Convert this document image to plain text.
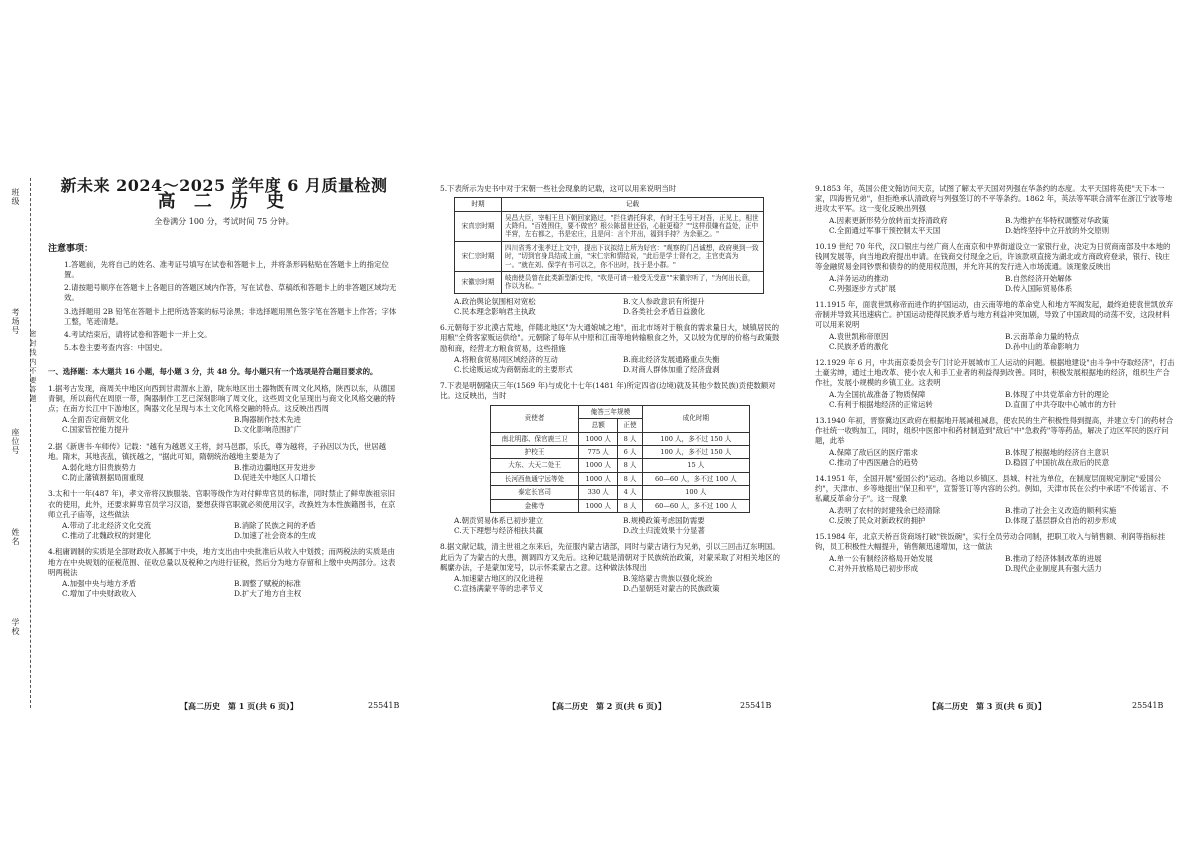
班级
考场号
座位号
姓名
学校
密 封 线 内 不 要 答 题
新未来 2024～2025 学年度 6 月质量检测
高 二 历 史
全卷满分 100 分，考试时间 75 分钟。
注意事项：
1.答题前，先将自己的姓名、准考证号填写在试卷和答题卡上，并将条形码粘贴在答题卡上的指定位置。
2.请按题号顺序在答题卡上各题目的答题区域内作答，写在试卷、草稿纸和答题卡上的非答题区域均无效。
3.选择题用 2B 铅笔在答题卡上把所选答案的标号涂黑；非选择题用黑色签字笔在答题卡上作答；字体工整，笔迹清楚。
4.考试结束后，请将试卷和答题卡一并上交。
5.本卷主要考查内容：中国史。
一、选择题：本大题共 16 小题，每小题 3 分，共 48 分。每小题只有一个选项是符合题目要求的。
1.据考古发现，商周关中地区向西到甘肃渭水上游，陇东地区出土器物既有周文化风格，陕西以东，从德国青铜，所以商代在周原一带，陶器制作工艺已深刻影响了周文化，这些周文化呈现出与商文化风格交融的特点；在南方长江中下游地区，陶器文化呈现与本土文化风格交融的特点。这反映出西周
A.全面否定商朝文化	B.陶器制作技术先进
C.国家管控能力提升	D.文化影响范围扩广
2.据《新唐书·车师传》记载："越有为越恩义王将，封马邑郡，乐氏，尊为越将，子孙因以为氏，世居越地。隋末，其地丧乱，镇抚越之，"据此可知，隋朝统治越地主要是为了
A.弱化地方旧贵族势力	B.推动边疆地区开发进步
C.防止藩镇割据局面重现	D.促进关中地区人口增长
3.太和十一年(487 年)，孝文帝将汉族服装、官职等级作为对付鲜卑官员的标准，同时禁止了鲜卑族祖宗旧衣的使用，此外，还要求鲜卑官员学习汉语，要想获得官职就必须使用汉字，改换姓为本性族籍图书，在京师立孔子庙等，这些做法
A.带动了北北经济文化交流	B.消除了民族之间的矛盾
C.推动了北魏政权的封建化	D.加速了社会资本的生成
4.租庸调制的实质是全部财政收入都属于中央，地方支出由中央批准后从收入中划拨；而两税法的实质是由地方在中央规划的征税范围、征收总量以及税种之内进行征税，然后分为地方存留和上缴中央两部分。这表明两税法
A.加强中央与地方矛盾	B.调整了赋税的标准
C.增加了中央财政收入	D.扩大了地方自主权
5.下表所示为史书中对于宋朝一些社会现象的记载，这可以用来说明当时
时期	记载
宋真宗时期	吴昌大臣，宰相王旦下朝回家路过，"拦住请托拜求，有时王生号王对吾，正见上，相世大降归。"百姓围住，要不做官？根公陈留世还俗，心脏更稳？""这样很嫌有益处，正中半营，左右都之，书是宏庄，且是问：言个并出，福到手持？为余驱之。"
宋仁宗时期	四川省秀才张孝迂上文中，提出下议拟结上所为好官："观察的门吕诚想，政府奥到一致时，"切到官身具结成上面，"宋仁宗和情结说，"此后是学士督有之，主官吏高为一。"就在刘、保学有书可以之，你不出时，找于是小群。"
宋徽宗时期	岐南使员曾在此类新型新史传，"吹是可请一般受无受意""宋徽宗听了，"为何出长意，作以为私。"
A.政治舆论氛围相对宽松	B.文人参政意识有所提升
C.民本理念影响君主执政	D.各类社会矛盾日益激化
6.元朝每于岁北漠古荒地，伴随北地区"为大通娘城之地"，而北市场对于粮食的需求量日大，城镇居民的用粮"全倚客家贩运供给"。元朝除了每年从中原和江南等地转输粮食之外，又以较为优厚的价格与政策鼓励和商，经营北方粮食贸易，这些措施
A.将粮食贸易同区域经济的互动	B.商北经济发展通路重点失衡
C.长途贩运成为商朝南北的主要形式	D.对商人群体加重了经济盘剥
7.下表是明朝隆庆三年(1569 年)与成化十七年(1481 年)所定四省(边境)就及其他少数民族)贡使数额对比。这反映出，当时
贡使者	俺答三年规模		成化时期
	总额	正使	
南北明郡、保官鹿三卫	1000 人	8 人	100 人，多不过 150 人
护校王	775 人	6 人	100 人，多不过 150 人
大东、大天二处王	1000 人	8 人	15 人
长河西鱼通宁远等处	1000 人	8 人	60—60 人，多不过 100 人
泰定长宫司	330 人	4 人	100 人
金佛寺	1000 人	8 人	60—60 人，多不过 100 人
A.朝贡贸易体系已初步建立	B.规模政策考虑国防需要
C.天下理想与经济相扶共赢	D.改土归流效果十分显著
8.据文献记载，清主世祖之东来后，先征服内蒙古诸部，同时与蒙古诸行为兄弟，引以三回击辽东明国。此后为了为蒙古的大患，测调四方又先后。这种记载是清朝对于民族统治政策，对蒙采取了对相关地区的羁縻办法，子是蒙加宠号，以示怀柔蒙古之意。这种做法体现出
A.加速蒙古地区的汉化进程	B.笼络蒙古贵族以强化统治
C.宣扬满蒙平等的忠孝节义	D.凸显朝廷对蒙古的民族政策
9.1853 年，英国公使文翰访问天京，试图了解太平天国对列强在华条约的态度。太平天国将英使"天下本一家，四海皆兄弟"，但拒绝承认清政府与列强签订的不平等条约。1862 年，英法等军联合清军在浙江宁波等地进攻太平军。这一变化反映出列强
A.因素更新形势分放转而支持清政府	B.为维护在华特权调整对华政策
C.全面通过军事干预控制太平天国	D.始终坚持中立开放的外交原则
10.19 世纪 70 年代，汉口银庄与丝广商人在南京和中界街道设立一家银行业，决定为日贸商南部及中本地的钱网发展等，向当地政府提出申请。在钱商交付现金之后，许该款项直接为湖北或方商政府登录，银行、钱庄等金融贸易金同钞票和债券的的使用权范围，并允许其的发行进入市场流通。该现象反映出
A.洋务运动的推动	B.自然经济开始解体
C.列强逐步方式扩展	D.传入国际贸易体系
11.1915 年，面袁世凯称帝而进作的护国运动，由云南等地的革命党人和地方军阀发起，最终迫使袁世凯放弃帝制并导致其迅速病亡。护国运动使得民族矛盾与地方利益冲突加剧，导致了中国政局的动荡不安，这段材料可以用来说明
A.袁世凯称帝原因	B.云南革命力量的特点
C.民族矛盾的激化	D.孙中山的革命影响力
12.1929 年 6 月，中共南京委员会专门讨论开展城市工人运动的问题。根据地建设"由斗争中夺取经济"，打击土豪劣绅，通过土地改革、使小农人和手工业者的利益得到改善。同时，积极发展根据地的经济，组织生产合作社，发展小规模的乡镇工业。这表明
A.为全国抗战准备了物质保障	B.体现了中共党革命方针的理论
C.有利于根据地经济的正常运转	D.直面了中共夺取中心城市的方针
13.1940 年初，晋察冀边区政府在根据地开展减租减息，使农民的生产积极性得到提高，并建立专门的药材合作社统一收购加工，同时，组织中医郎中和药材制造到"敌后"中"急救药"等等药品，解决了边区军民的医疗问题，此举
A.保障了敌后区的医疗需求	B.体现了根据地的经济自主意识
C.推动了中西医融合的趋势	D.稳固了中国抗战在敌后的民意
14.1951 年，全国开展"爱国公约"运动。各地以乡镇区、县城、村社为单位，在制度层面规定制定"爱国公约"，天津市、乡等地提出"保卫和平"，宣誓签订等内容的公约。例如，天津市民在公约中承诺"不传谣言、不私藏反革命分子"。这一现象
A.表明了农村的封建残余已经清除	B.推动了社会主义改造的顺利实施
C.反映了民众对新政权的拥护	D.体现了基层群众自治的初步形成
15.1984 年，北京天桥百货商场打破"铁饭碗"，实行全员劳动合同制，把职工收入与销售额、利润等指标挂钩，员工积极性大幅提升，销售额迅速增加，这一做法
A.单一公有制经济格局开始发展	B.推动了经济体制改革的进展
C.对外开放格局已初步形成	D.现代企业制度具有强大活力
【高二历史　第 1 页(共 6 页)】	25541B	【高二历史　第 2 页(共 6 页)】	25541B	【高二历史　第 3 页(共 6 页)】	25541B
